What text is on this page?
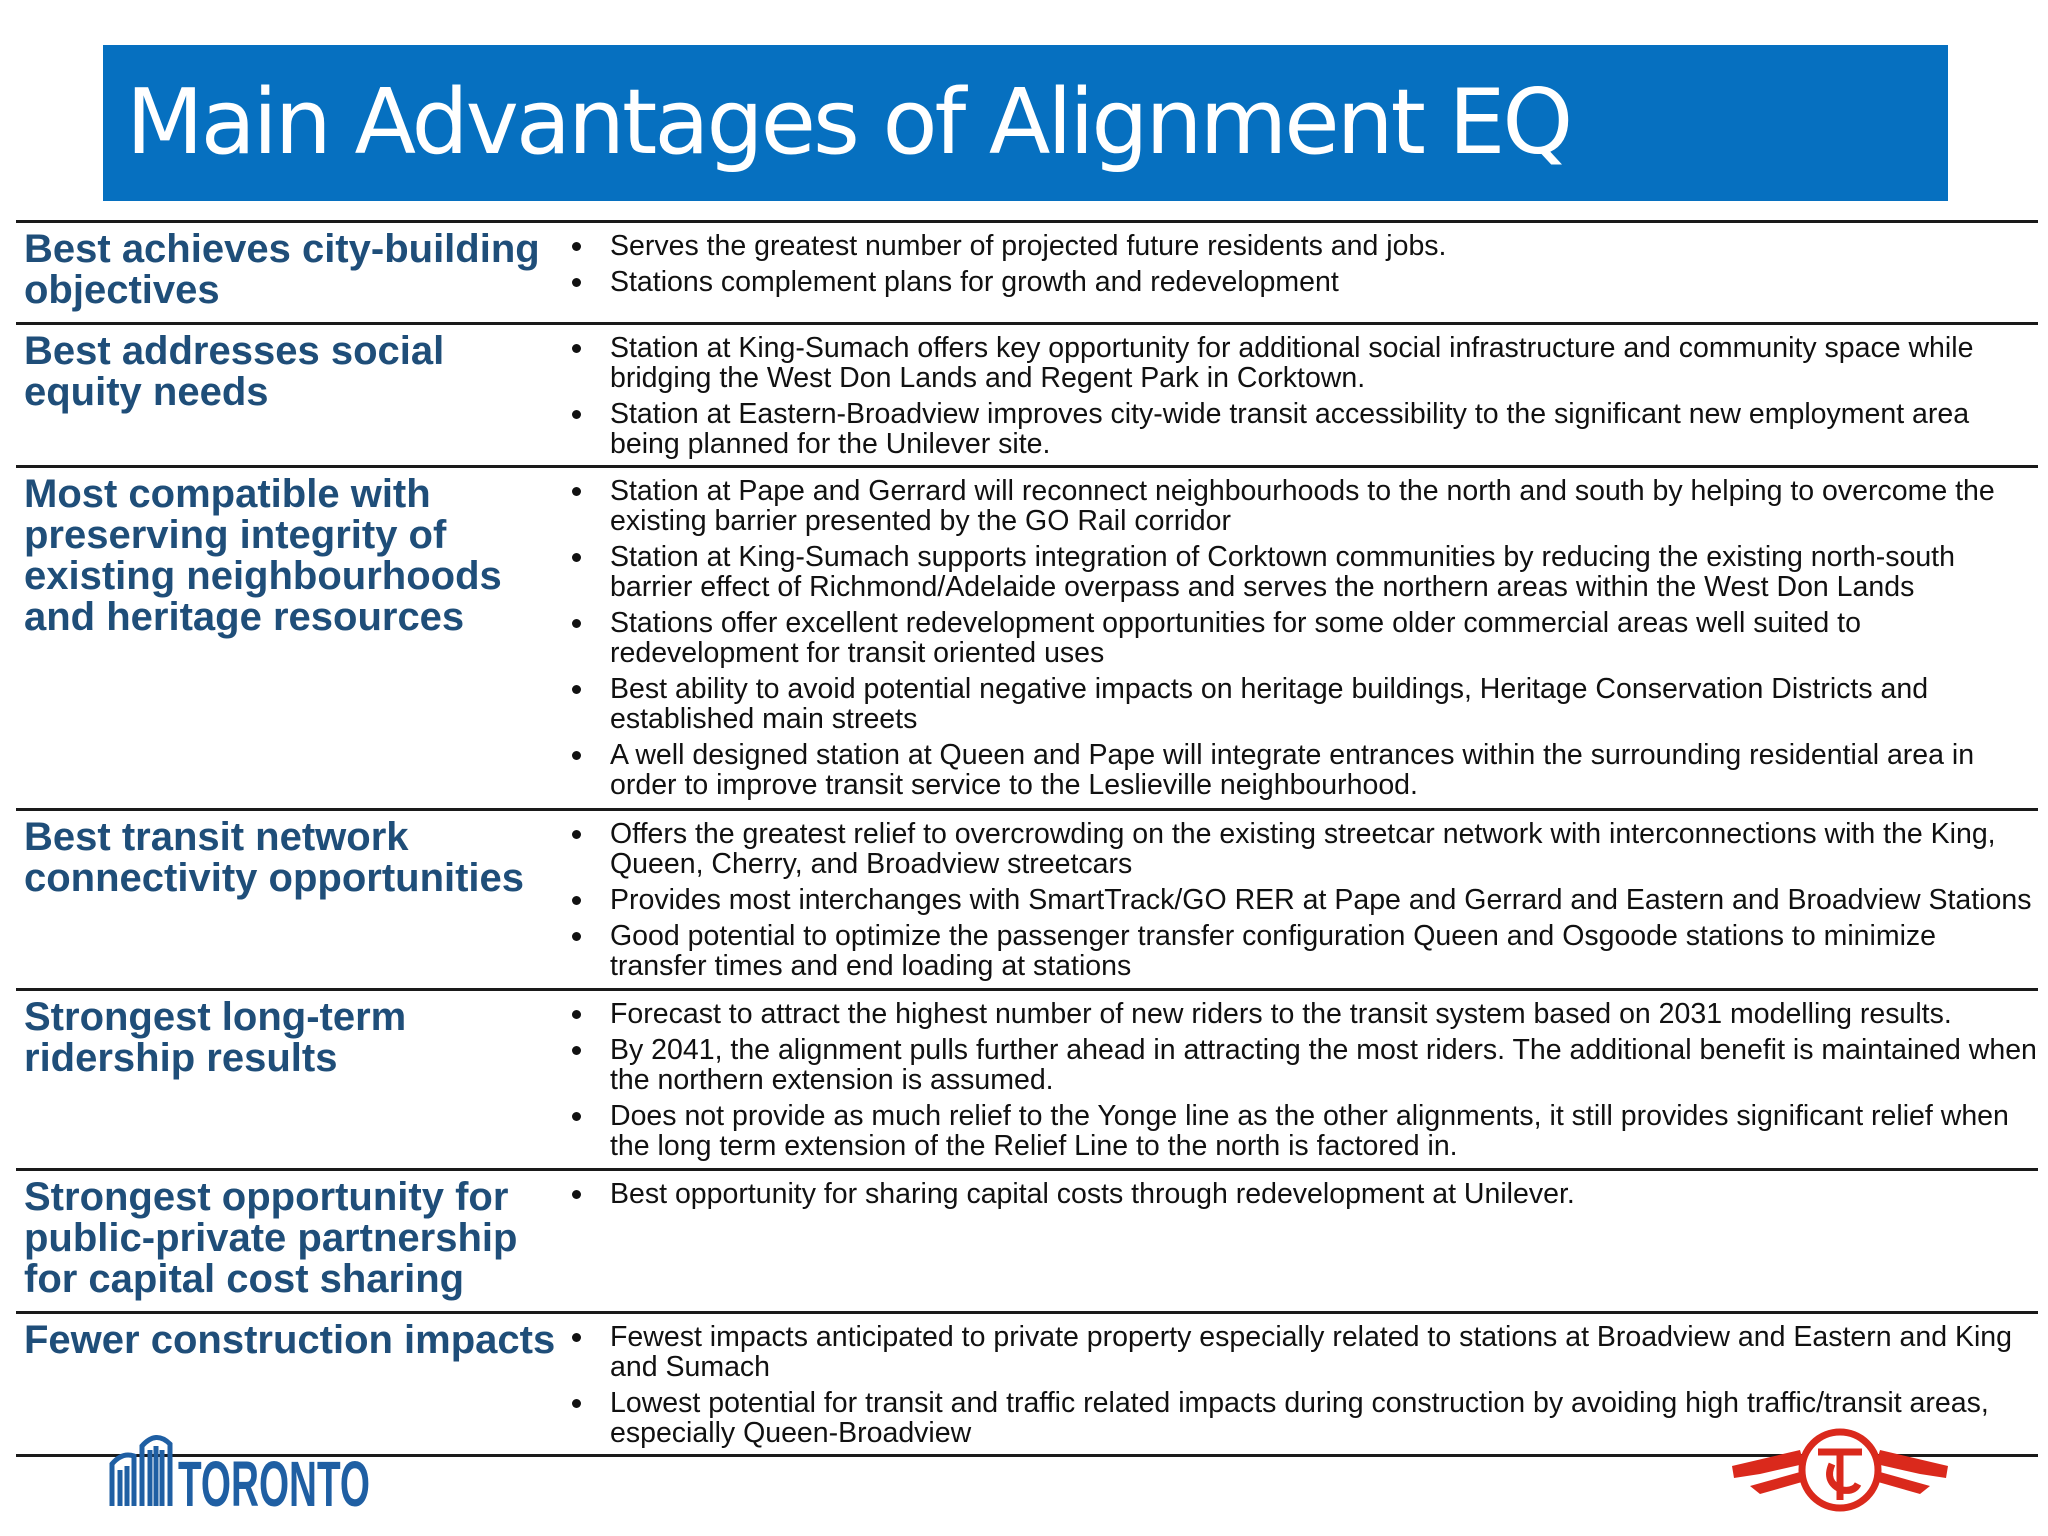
Main Advantages of Alignment EQ
Best achieves city-building objectives
Serves the greatest number of projected future residents and jobs.
Stations complement plans for growth and redevelopment
Best addresses social equity needs
Station at King-Sumach offers key opportunity for additional social infrastructure and community space while bridging the West Don Lands and Regent Park in Corktown.
Station at Eastern-Broadview improves city-wide transit accessibility to the significant new employment area being planned for the Unilever site.
Most compatible with preserving integrity of existing neighbourhoods and heritage resources
Station at Pape and Gerrard will reconnect neighbourhoods to the north and south by helping to overcome the existing barrier presented by the GO Rail corridor
Station at King-Sumach supports integration of Corktown communities by reducing the existing north-south barrier effect of Richmond/Adelaide overpass and serves the northern areas within the West Don Lands
Stations offer excellent redevelopment opportunities for some older commercial areas well suited to redevelopment for transit oriented uses
Best ability to avoid potential negative impacts on heritage buildings, Heritage Conservation Districts and established main streets
A well designed station at Queen and Pape will integrate entrances within the surrounding residential area in order to improve transit service to the Leslieville neighbourhood.
Best transit network connectivity opportunities
Offers the greatest relief to overcrowding on the existing streetcar network with interconnections with the King, Queen, Cherry, and Broadview streetcars
Provides most interchanges with SmartTrack/GO RER at Pape and Gerrard and Eastern and Broadview Stations
Good potential to optimize the passenger transfer configuration Queen and Osgoode stations to minimize transfer times and end loading at stations
Strongest long-term ridership results
Forecast to attract the highest number of new riders to the transit system based on 2031 modelling results.
By 2041, the alignment pulls further ahead in attracting the most riders. The additional benefit is maintained when the northern extension is assumed.
Does not provide as much relief to the Yonge line as the other alignments, it still provides significant relief when the long term extension of the Relief Line to the north is factored in.
Strongest opportunity for public-private partnership for capital cost sharing
Best opportunity for sharing capital costs through redevelopment at Unilever.
Fewer construction impacts	Fewest impacts anticipated to private property especially related to stations at Broadview and Eastern and King and Sumach
Lowest potential for transit and traffic related impacts during construction by avoiding high traffic/transit areas, especially Queen-Broadview
TORONTO
